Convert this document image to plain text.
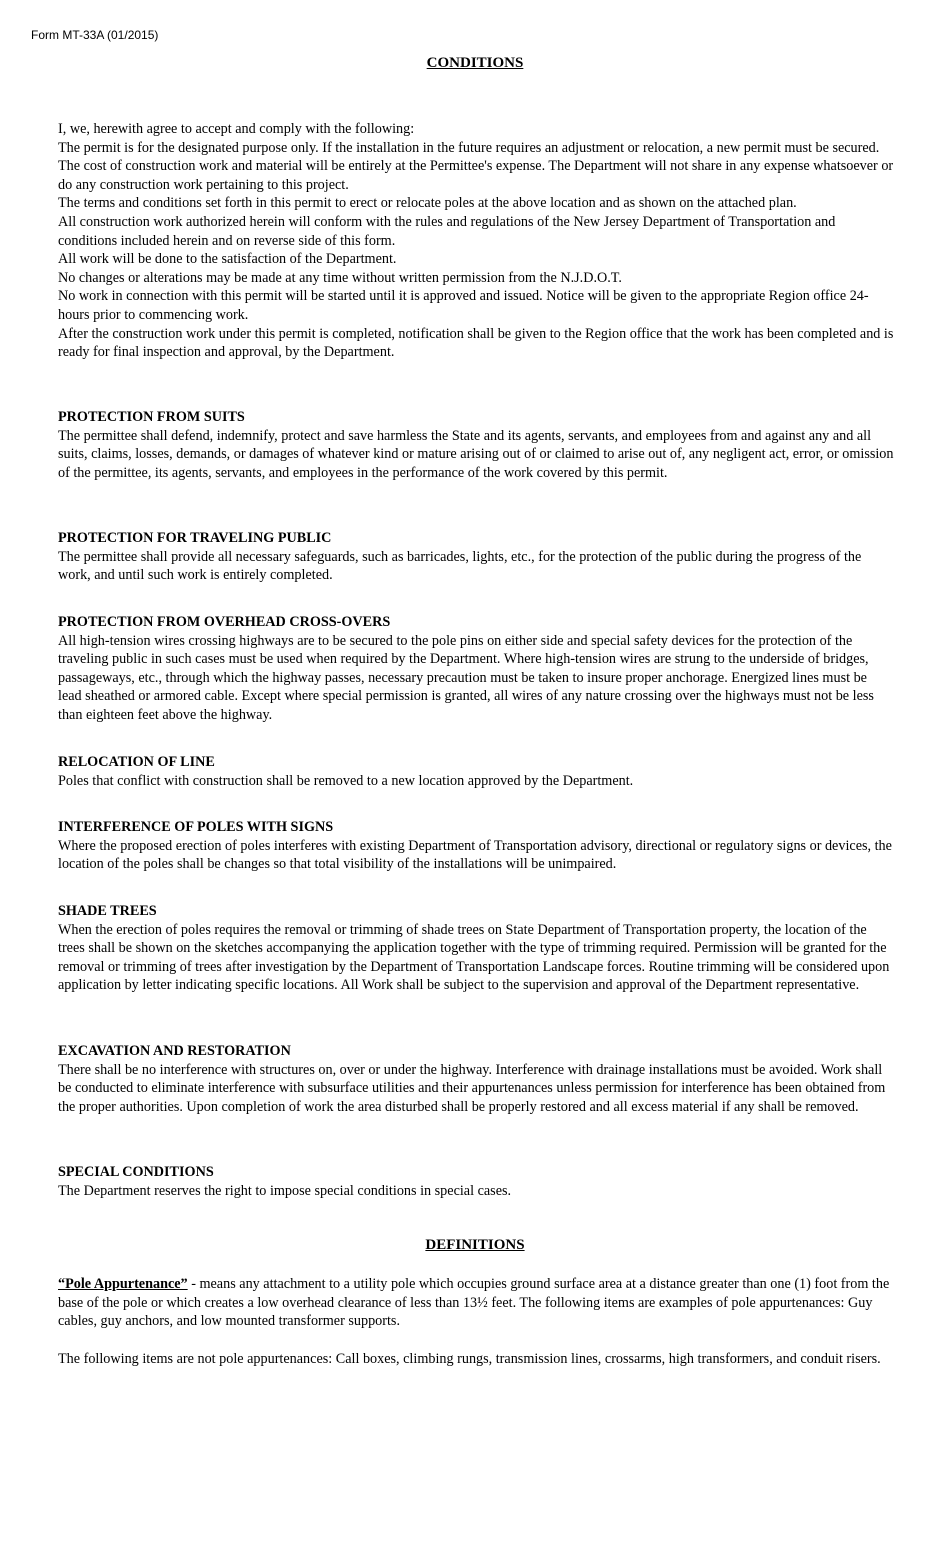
Form MT-33A (01/2015)
CONDITIONS

I, we, herewith agree to accept and comply with the following:

The permit is for the designated purpose only. If the installation in the future requires an adjustment or relocation, a new permit must be secured.

The cost of construction work and material will be entirely at the Permittee's expense. The Department will not share in any expense whatsoever or do any construction work pertaining to this project.

The terms and conditions set forth in this permit to erect or relocate poles at the above location and as shown on the attached plan.

All construction work authorized herein will conform with the rules and regulations of the New Jersey Department of Transportation and conditions included herein and on reverse side of this form.

All work will be done to the satisfaction of the Department.

No changes or alterations may be made at any time without written permission from the N.J.D.O.T.

No work in connection with this permit will be started until it is approved and issued. Notice will be given to the appropriate Region office 24-hours prior to commencing work.

After the construction work under this permit is completed, notification shall be given to the Region office that the work has been completed and is ready for final inspection and approval, by the Department.

PROTECTION FROM SUITS

The permittee shall defend, indemnify, protect and save harmless the State and its agents, servants, and employees from and against any and all suits, claims, losses, demands, or damages of whatever kind or mature arising out of or claimed to arise out of, any negligent act, error, or omission of the permittee, its agents, servants, and employees in the performance of the work covered by this permit.

PROTECTION FOR TRAVELING PUBLIC

The permittee shall provide all necessary safeguards, such as barricades, lights, etc., for the protection of the public during the progress of the work, and until such work is entirely completed.

PROTECTION FROM OVERHEAD CROSS-OVERS

All high-tension wires crossing highways are to be secured to the pole pins on either side and special safety devices for the protection of the traveling public in such cases must be used when required by the Department. Where high-tension wires are strung to the underside of bridges, passageways, etc., through which the highway passes, necessary precaution must be taken to insure proper anchorage. Energized lines must be lead sheathed or armored cable. Except where special permission is granted, all wires of any nature crossing over the highways must not be less than eighteen feet above the highway.

RELOCATION OF LINE

Poles that conflict with construction shall be removed to a new location approved by the Department.

INTERFERENCE OF POLES WITH SIGNS

Where the proposed erection of poles interferes with existing Department of Transportation advisory, directional or regulatory signs or devices, the location of the poles shall be changes so that total visibility of the installations will be unimpaired.

SHADE TREES

When the erection of poles requires the removal or trimming of shade trees on State Department of Transportation property, the location of the trees shall be shown on the sketches accompanying the application together with the type of trimming required. Permission will be granted for the removal or trimming of trees after investigation by the Department of Transportation Landscape forces. Routine trimming will be considered upon application by letter indicating specific locations. All Work shall be subject to the supervision and approval of the Department representative.

EXCAVATION AND RESTORATION

There shall be no interference with structures on, over or under the highway. Interference with drainage installations must be avoided. Work shall be conducted to eliminate interference with subsurface utilities and their appurtenances unless permission for interference has been obtained from the proper authorities. Upon completion of work the area disturbed shall be properly restored and all excess material if any shall be removed.

SPECIAL CONDITIONS

The Department reserves the right to impose special conditions in special cases.

DEFINITIONS

“Pole Appurtenance” - means any attachment to a utility pole which occupies ground surface area at a distance greater than one (1) foot from the base of the pole or which creates a low overhead clearance of less than 13½ feet. The following items are examples of pole appurtenances: Guy cables, guy anchors, and low mounted transformer supports.

The following items are not pole appurtenances: Call boxes, climbing rungs, transmission lines, crossarms, high transformers, and conduit risers.
